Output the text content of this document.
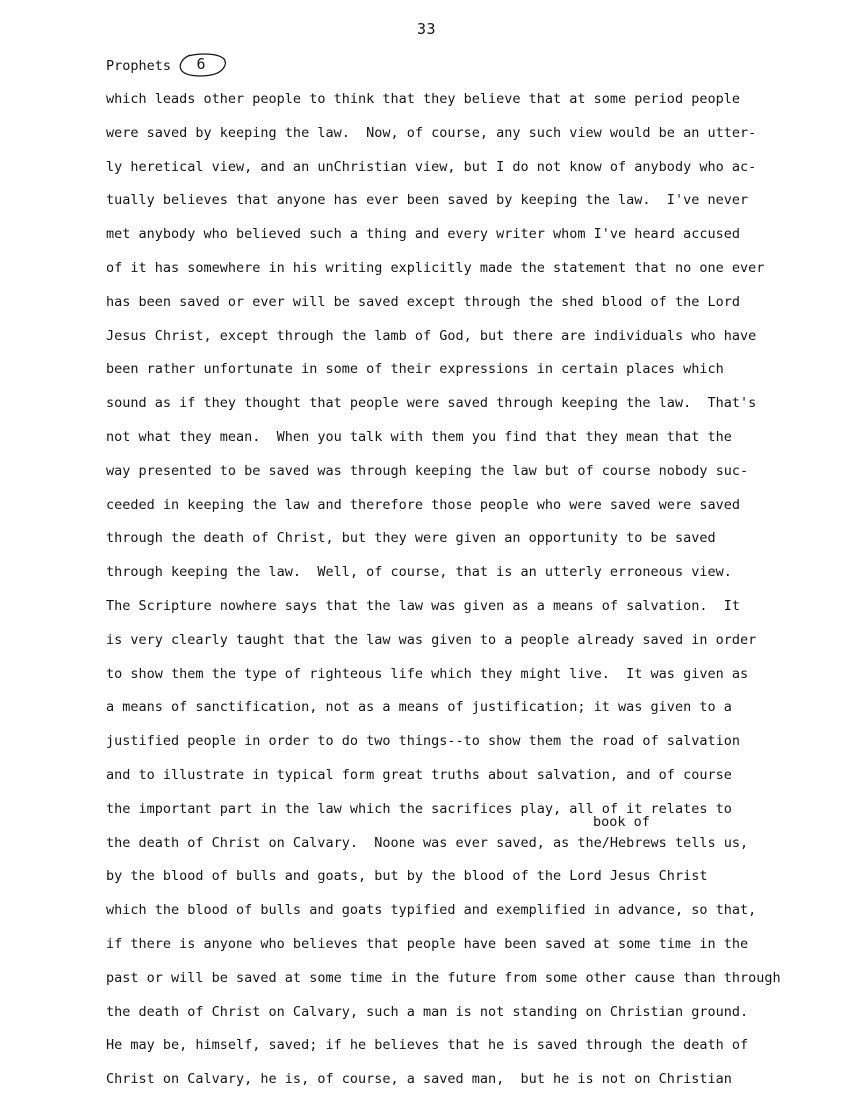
33
Prophets	6
which leads other people to think that they believe that at some period people
were saved by keeping the law.  Now, of course, any such view would be an utter-
ly heretical view, and an unChristian view, but I do not know of anybody who ac-
tually believes that anyone has ever been saved by keeping the law.  I've never
met anybody who believed such a thing and every writer whom I've heard accused
of it has somewhere in his writing explicitly made the statement that no one ever
has been saved or ever will be saved except through the shed blood of the Lord
Jesus Christ, except through the lamb of God, but there are individuals who have
been rather unfortunate in some of their expressions in certain places which
sound as if they thought that people were saved through keeping the law.  That's
not what they mean.  When you talk with them you find that they mean that the
way presented to be saved was through keeping the law but of course nobody suc-
ceeded in keeping the law and therefore those people who were saved were saved
through the death of Christ, but they were given an opportunity to be saved
through keeping the law.  Well, of course, that is an utterly erroneous view.
The Scripture nowhere says that the law was given as a means of salvation.  It
is very clearly taught that the law was given to a people already saved in order
to show them the type of righteous life which they might live.  It was given as
a means of sanctification, not as a means of justification; it was given to a
justified people in order to do two things--to show them the road of salvation
and to illustrate in typical form great truths about salvation, and of course
the important part in the law which the sacrifices play, all of it relates to
the death of Christ on Calvary.  Noone was ever saved, as the/Hebrews tells us,
by the blood of bulls and goats, but by the blood of the Lord Jesus Christ
which the blood of bulls and goats typified and exemplified in advance, so that,
if there is anyone who believes that people have been saved at some time in the
past or will be saved at some time in the future from some other cause than through
the death of Christ on Calvary, such a man is not standing on Christian ground.
He may be, himself, saved; if he believes that he is saved through the death of
Christ on Calvary, he is, of course, a saved man,  but he is not on Christian
book of
